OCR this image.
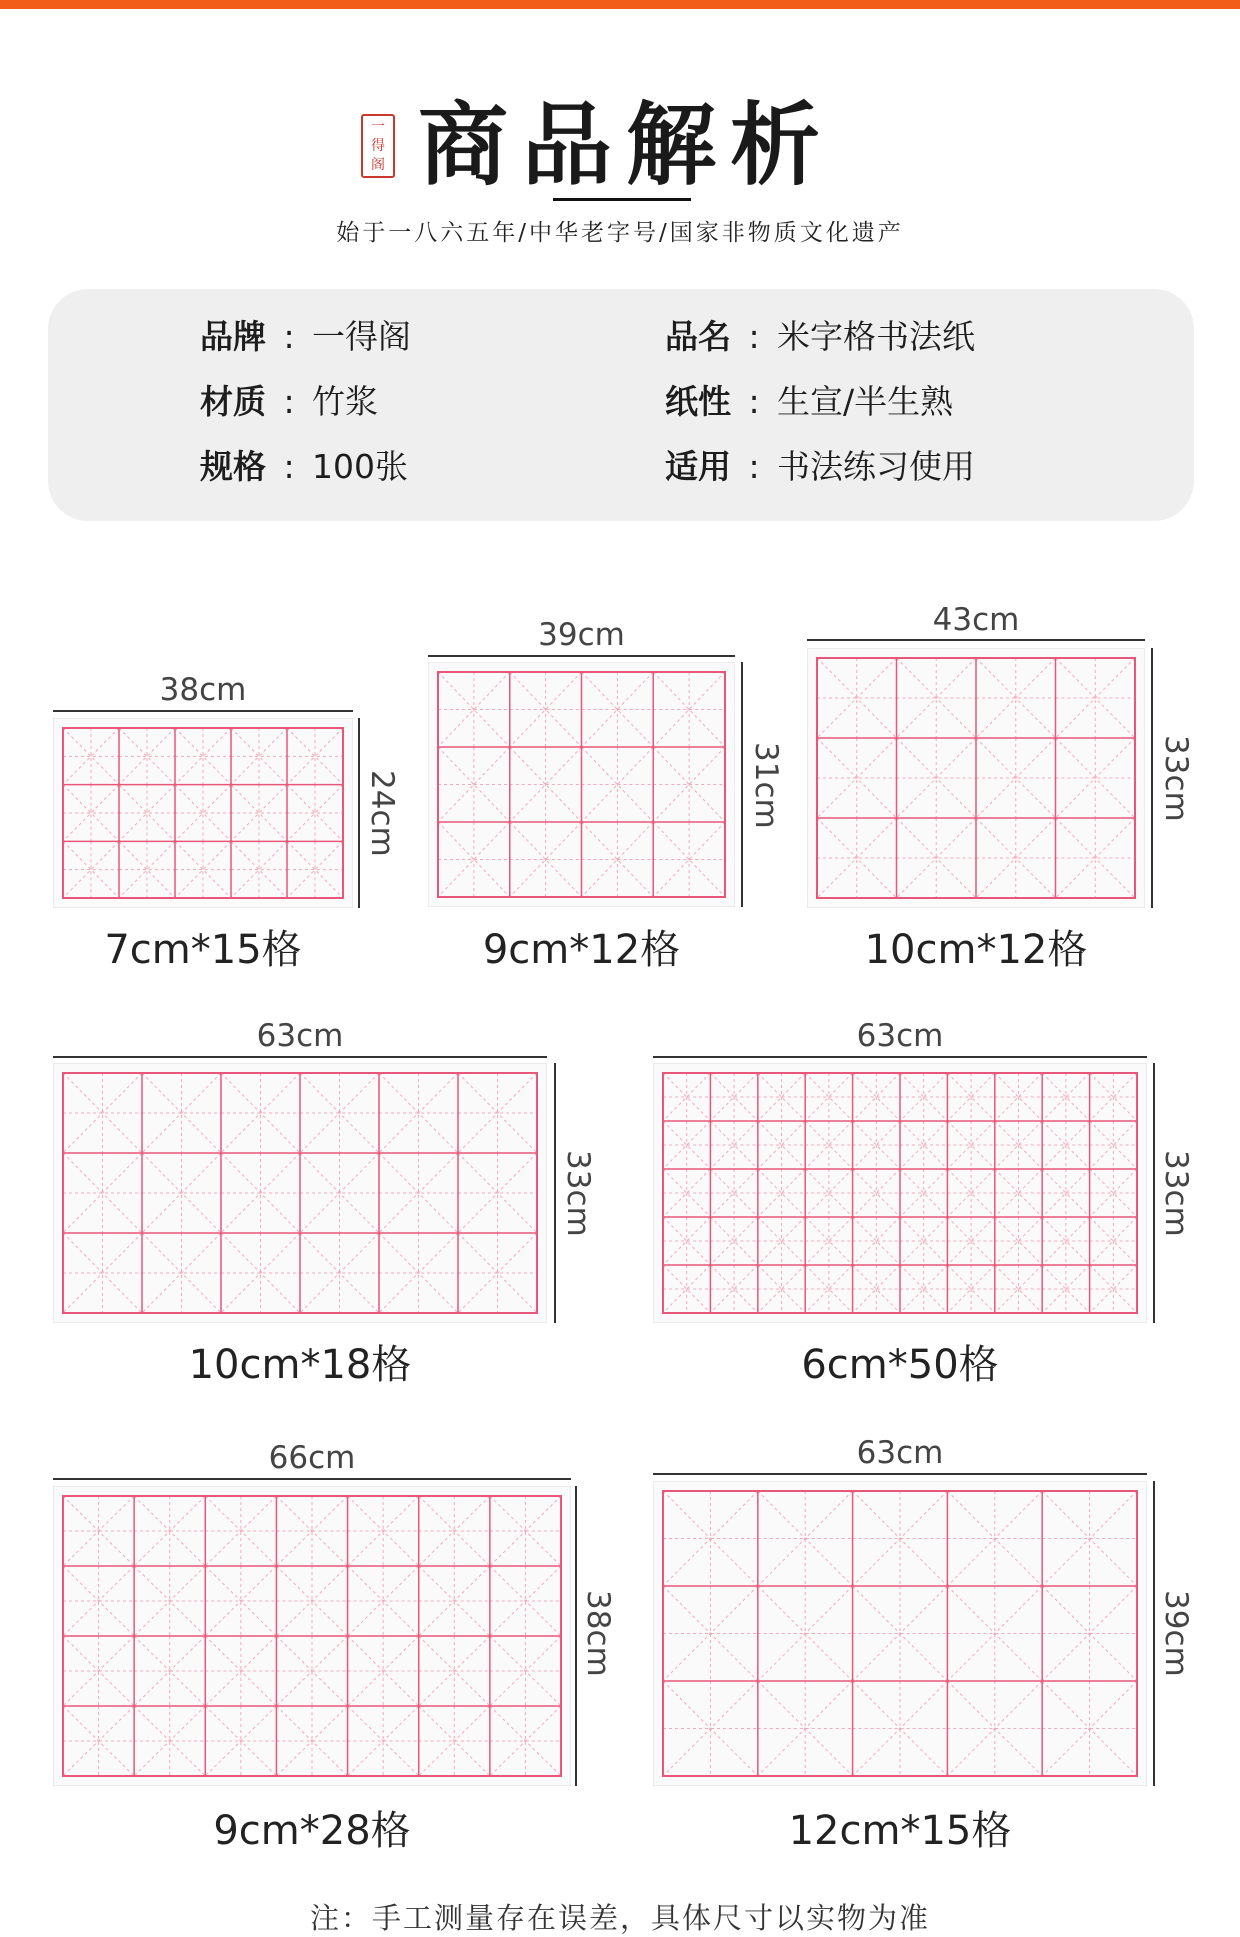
一
得
阁 商品解析
始于一八六五年/中华老字号/国家非物质文化遗产
品牌 : 一得阁	品名 : 米字格书法纸
材质 : 竹浆	纸性 : 生宣/半生熟
规格 : 100张	适用 : 书法练习使用
38cm
24cm
7cm*15格
39cm
31cm
9cm*12格
43cm
33cm
10cm*12格
63cm
33cm
10cm*18格
63cm
33cm
6cm*50格
66cm
38cm
9cm*28格
63cm
39cm
12cm*15格
注：手工测量存在误差，具体尺寸以实物为准
